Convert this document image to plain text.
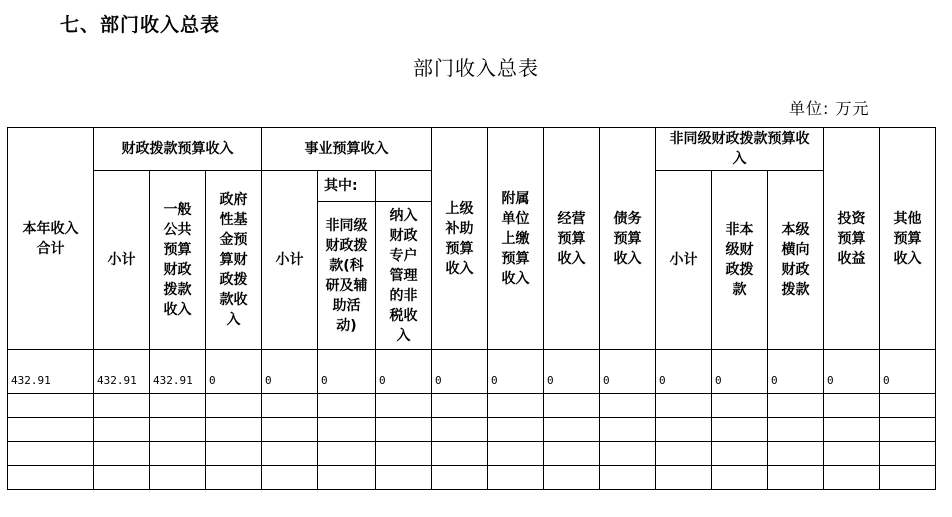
七、部门收入总表
部门收入总表
单位: 万元
本年收入合计	财政拨款预算收入			事业预算收入			上级补助预算收入	附属单位上缴预算收入	经营预算收入	债务预算收入	非同级财政拨款预算收入			投资预算收益	其他预算收入

	小计	一般公共预算财政拨款收入	政府性基金预算财政拨款收入	小计	其中:						小计	非本级财政拨款	本级横向财政拨款		

					非同级财政拨款(科研及辅助活动)	纳入财政专户管理的非税收入									

432.91	432.91	432.91	0	0	0	0	0	0	0	0	0	0	0	0	0
